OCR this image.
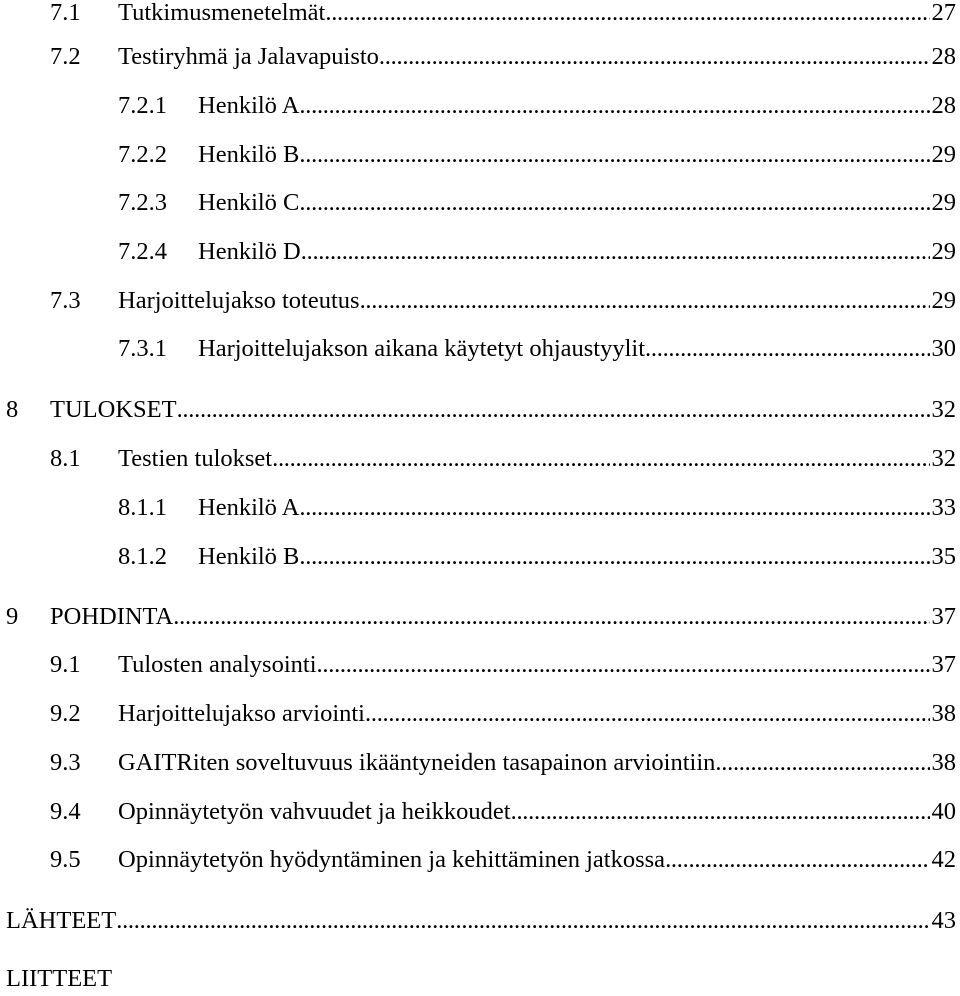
7.1 Tutkimusmenetelmät . . .	27
7.2 Testiryhmä ja Jalavapuisto . . .	28
7.2.1 Henkilö A . . .	28
7.2.2 Henkilö B . . .	29
7.2.3 Henkilö C . . .	29
7.2.4 Henkilö D . . .	29
7.3 Harjoittelujakso toteutus . . .	29
7.3.1 Harjoittelujakson aikana käytetyt ohjaustyylit . . .	30
8 TULOKSET . . .	32
8.1 Testien tulokset . . .	32
8.1.1 Henkilö A . . .	33
8.1.2 Henkilö B . . .	35
9 POHDINTA . . .	37
9.1 Tulosten analysointi . . .	37
9.2 Harjoittelujakso arviointi . . .	38
9.3 GAITRiten soveltuvuus ikääntyneiden tasapainon arviointiin . . .	38
9.4 Opinnäytetyön vahvuudet ja heikkoudet . . .	40
9.5 Opinnäytetyön hyödyntäminen ja kehittäminen jatkossa . . .	42
LÄHTEET . . .	43
LIITTEET
